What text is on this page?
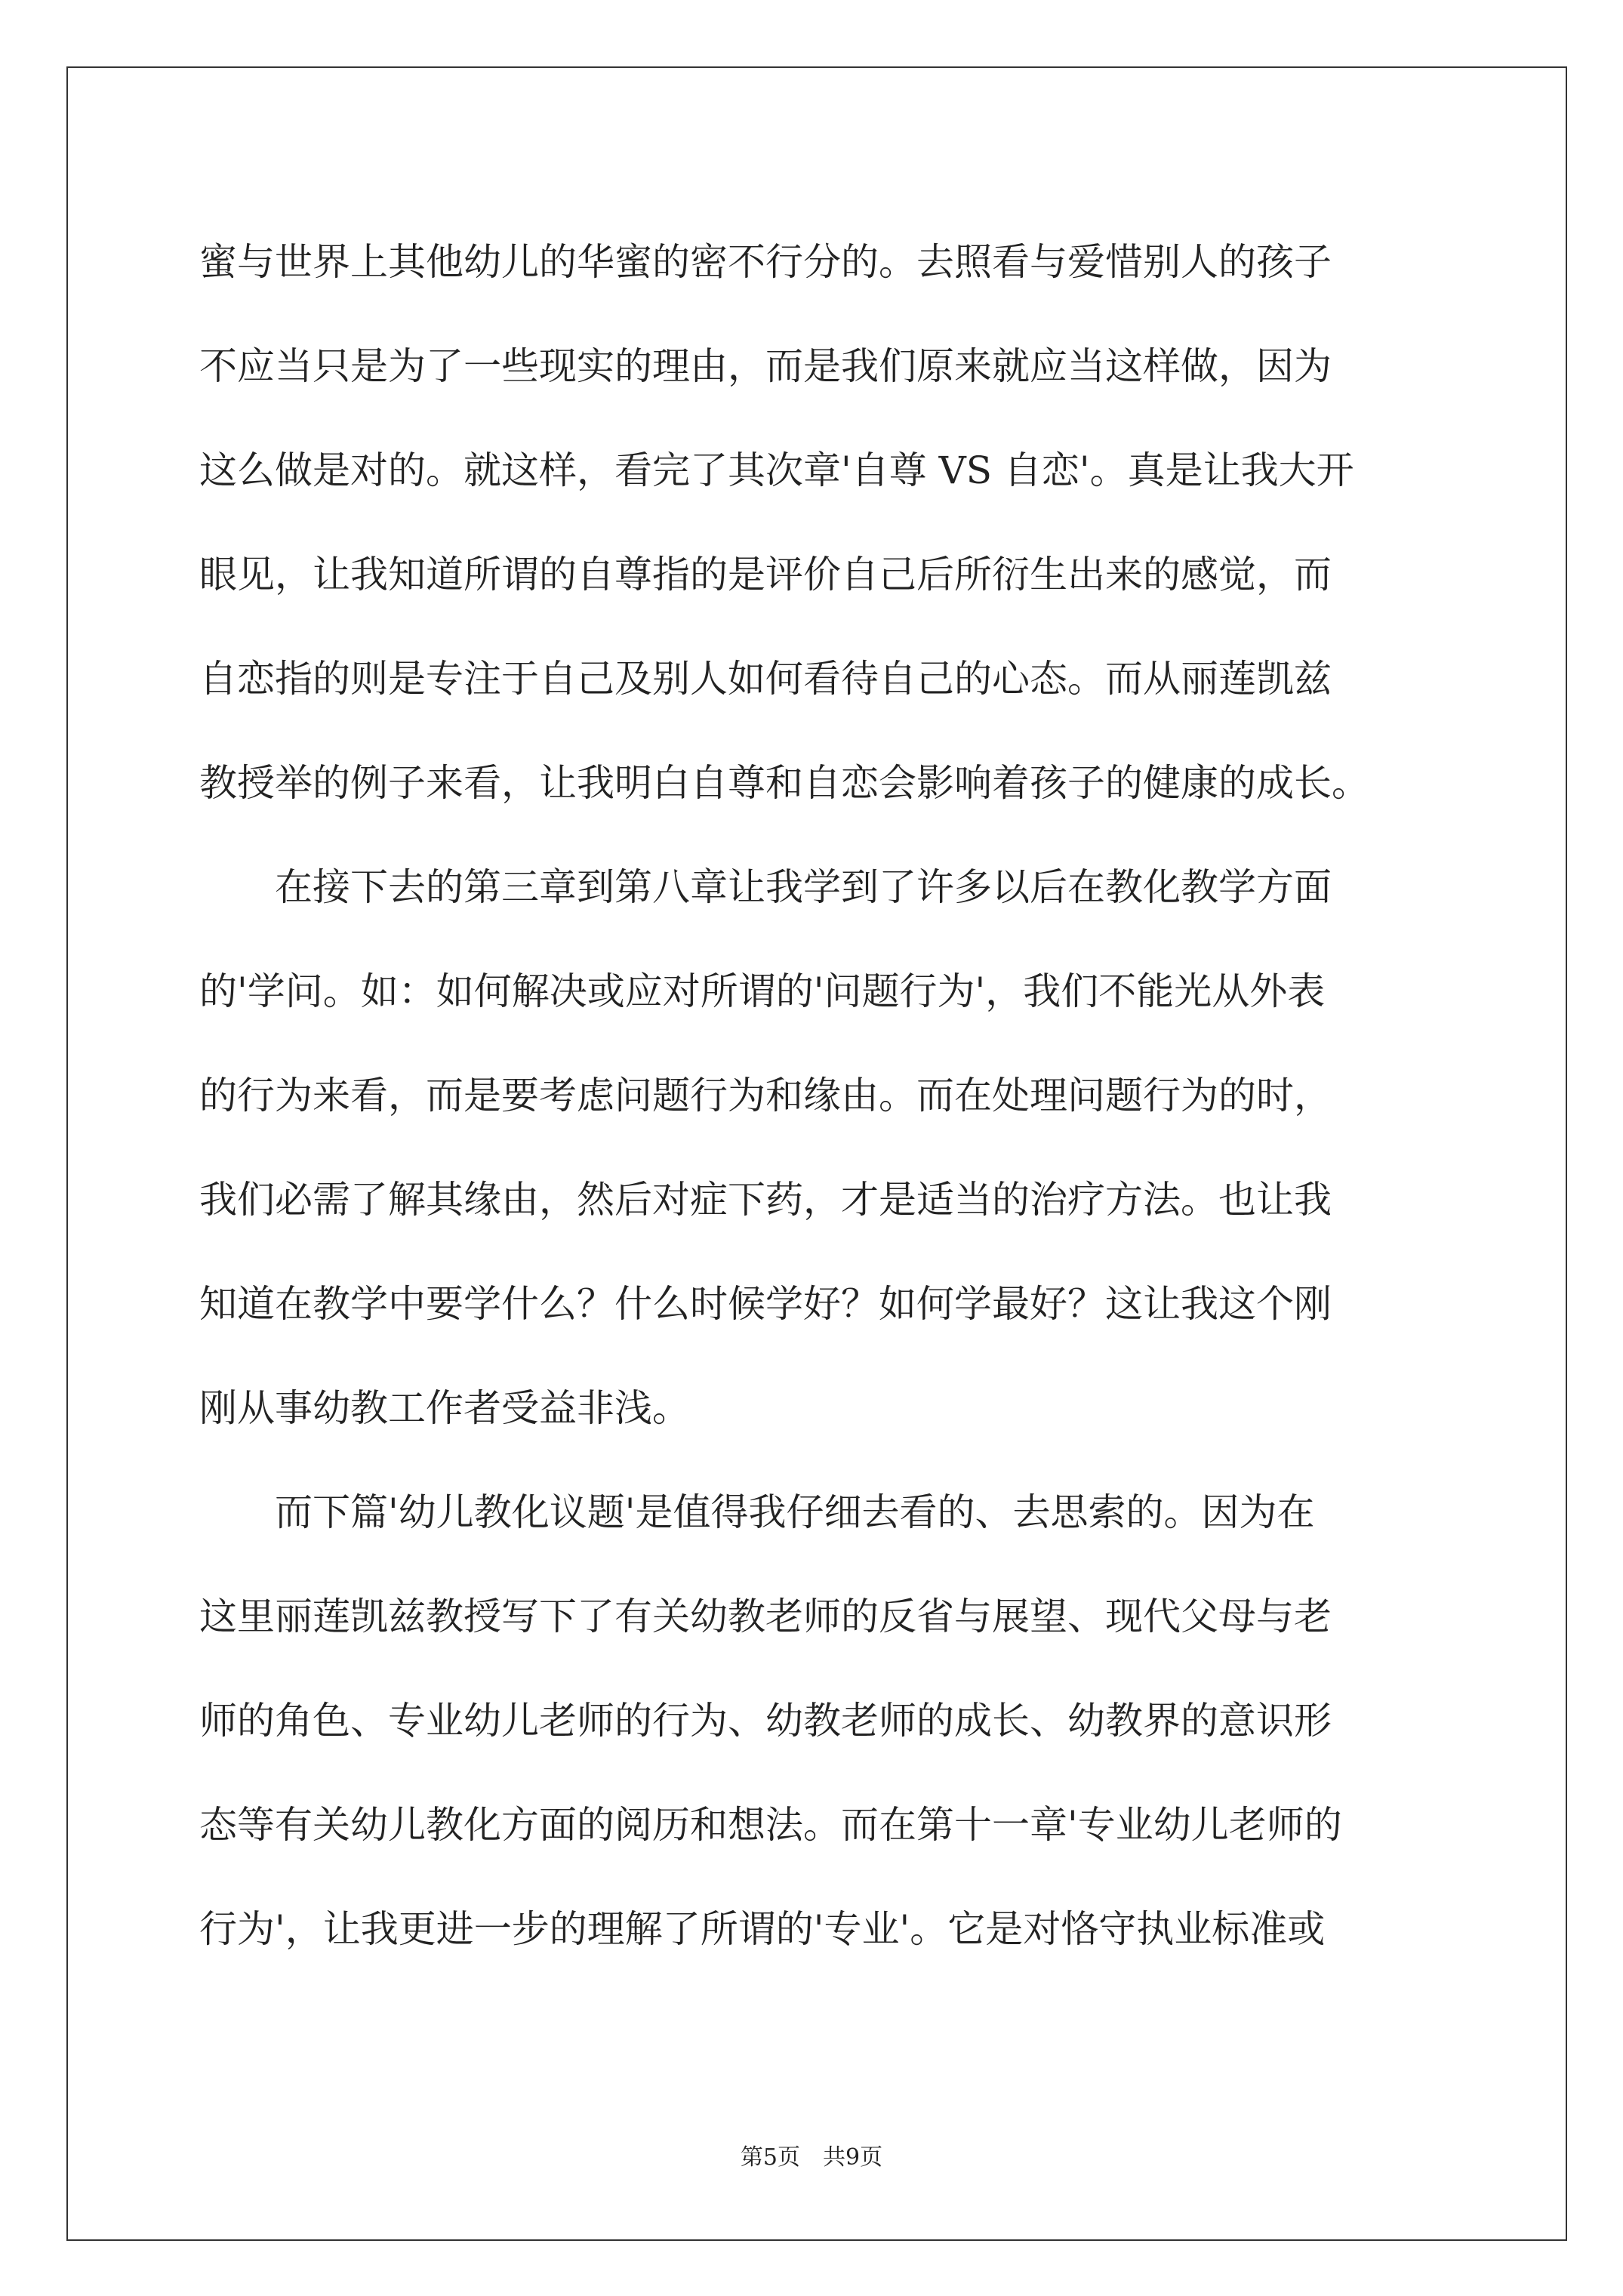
蜜与世界上其他幼儿的华蜜的密不行分的。去照看与爱惜别人的孩子
不应当只是为了一些现实的理由，而是我们原来就应当这样做，因为
这么做是对的。就这样，看完了其次章'自尊 VS 自恋'。真是让我大开
眼见，让我知道所谓的自尊指的是评价自己后所衍生出来的感觉，而
自恋指的则是专注于自己及别人如何看待自己的心态。而从丽莲凯兹
教授举的例子来看，让我明白自尊和自恋会影响着孩子的健康的成长。
在接下去的第三章到第八章让我学到了许多以后在教化教学方面
的'学问。如：如何解决或应对所谓的'问题行为'，我们不能光从外表
的行为来看，而是要考虑问题行为和缘由。而在处理问题行为的时，
我们必需了解其缘由，然后对症下药，才是适当的治疗方法。也让我
知道在教学中要学什么？什么时候学好？如何学最好？这让我这个刚
刚从事幼教工作者受益非浅。
而下篇'幼儿教化议题'是值得我仔细去看的、去思索的。因为在
这里丽莲凯兹教授写下了有关幼教老师的反省与展望、现代父母与老
师的角色、专业幼儿老师的行为、幼教老师的成长、幼教界的意识形
态等有关幼儿教化方面的阅历和想法。而在第十一章'专业幼儿老师的
行为'，让我更进一步的理解了所谓的'专业'。它是对恪守执业标准或
第5页　共9页
